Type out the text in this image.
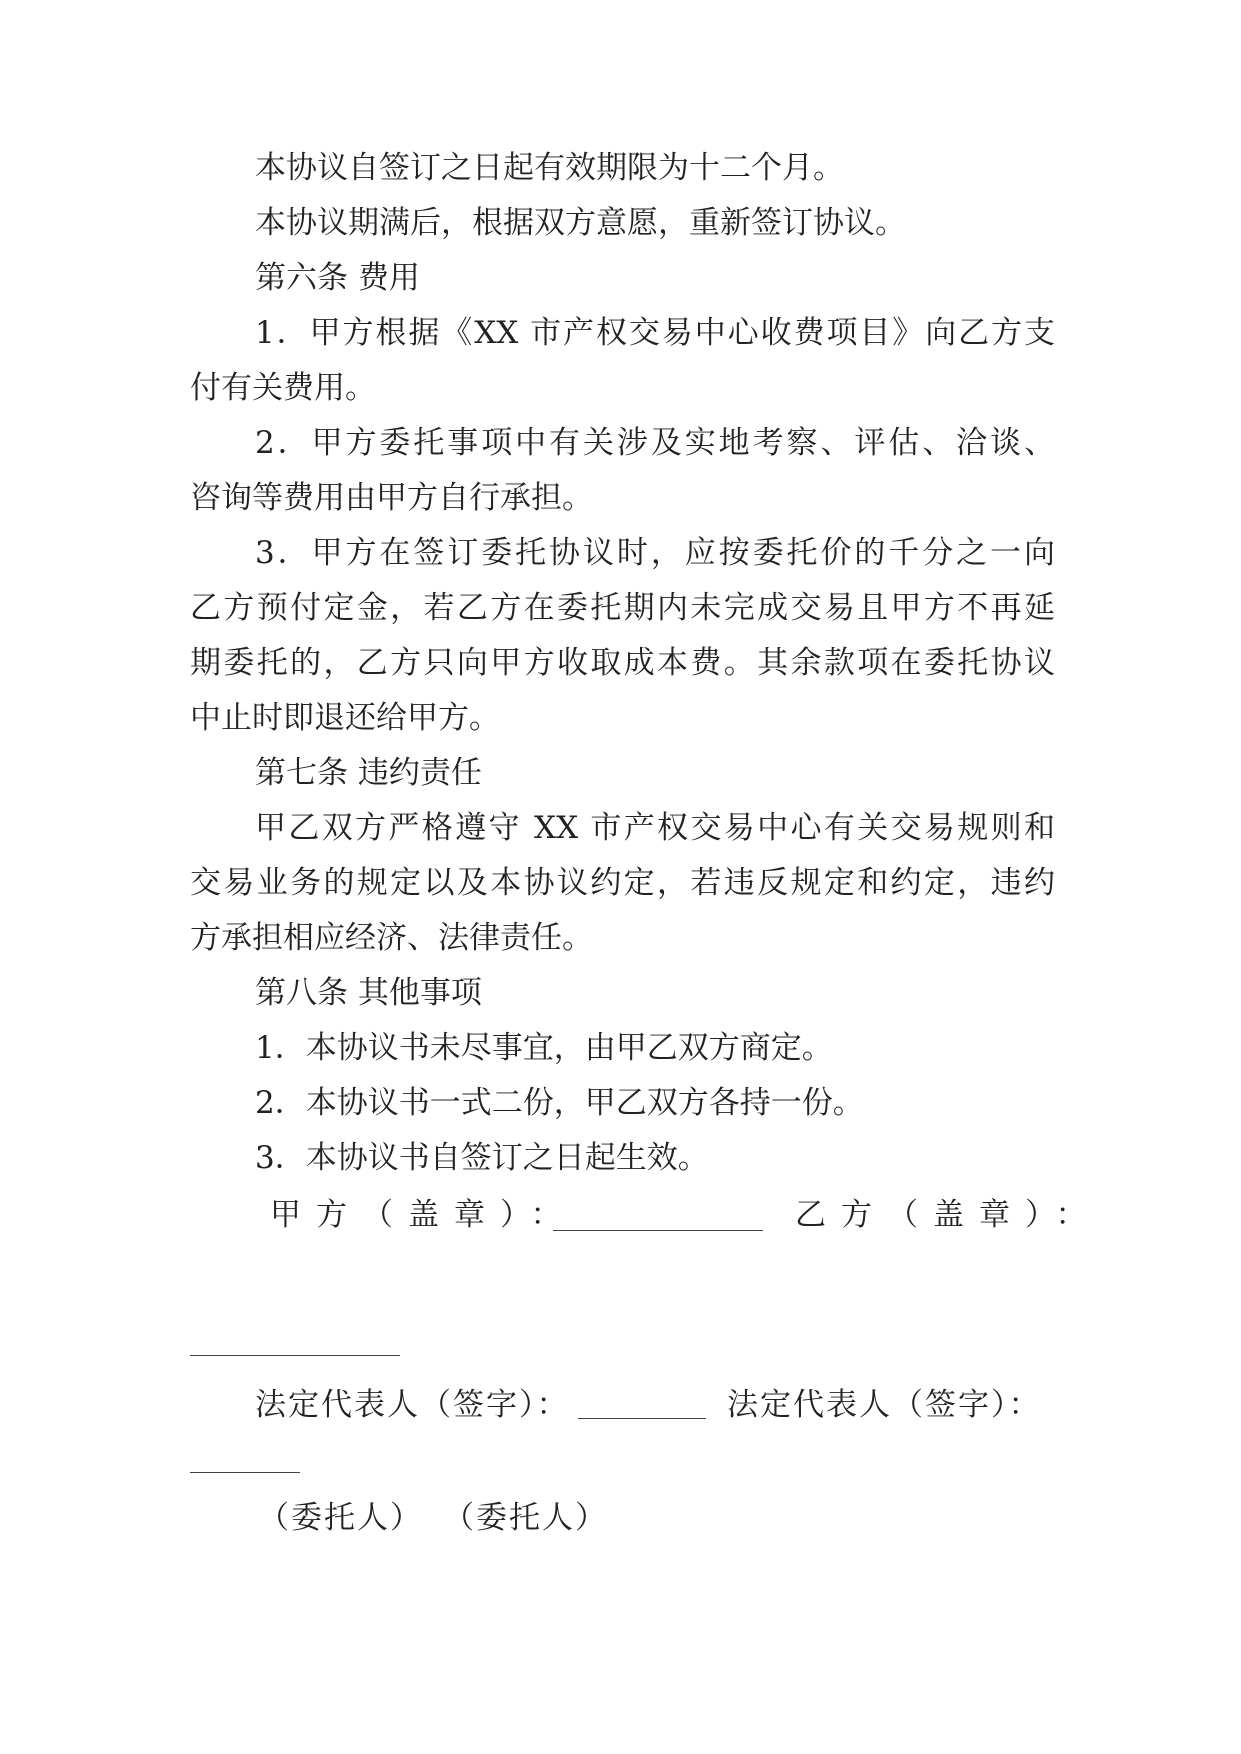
本协议自签订之日起有效期限为十二个月。
本协议期满后，根据双方意愿，重新签订协议。
第六条 费用
1．甲方根据《XX 市产权交易中心收费项目》向乙方支
付有关费用。
2．甲方委托事项中有关涉及实地考察、评估、洽谈、
咨询等费用由甲方自行承担。
3．甲方在签订委托协议时，应按委托价的千分之一向
乙方预付定金，若乙方在委托期内未完成交易且甲方不再延
期委托的，乙方只向甲方收取成本费。其余款项在委托协议
中止时即退还给甲方。
第七条 违约责任
甲乙双方严格遵守 XX 市产权交易中心有关交易规则和
交易业务的规定以及本协议约定，若违反规定和约定，违约
方承担相应经济、法律责任。
第八条 其他事项
1．本协议书未尽事宜，由甲乙双方商定。
2．本协议书一式二份，甲乙双方各持一份。
3．本协议书自签订之日起生效。
甲方（盖章）：	乙方（盖章）：
法定代表人（签字）：	法定代表人（签字）：
（委托人） （委托人）
